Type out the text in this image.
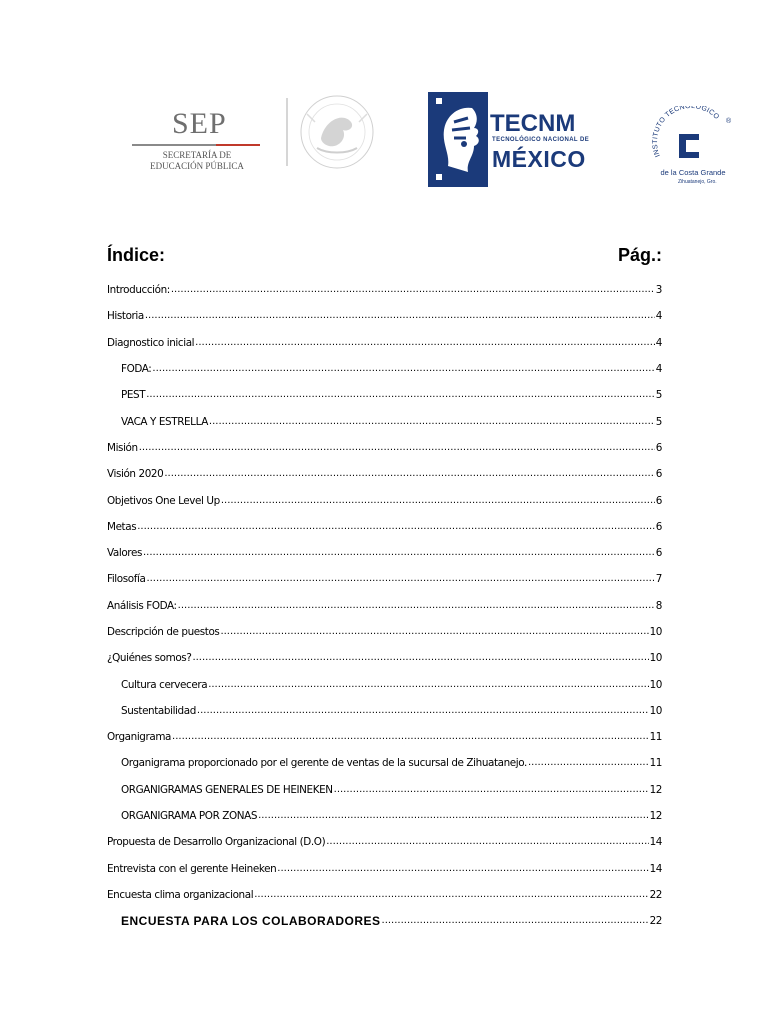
SEP
SECRETARÍA DE
EDUCACIÓN PÚBLICA
TECNM
TECNOLÓGICO NACIONAL DE
MÉXICO	INSTITUTO TECNOLÓGICO
®
de la Costa Grande
Zihuatanejo, Gro.
Índice:	Pág.:
Introducción: .....	3
Historia .....	4
Diagnostico inicial .....	4
FODA: .....	4
PEST .....	5
VACA Y ESTRELLA .....	5
Misión .....	6
Visión 2020 .....	6
Objetivos One Level Up .....	6
Metas .....	6
Valores .....	6
Filosofía .....	7
Análisis FODA: .....	8
Descripción de puestos .....	10
¿Quiénes somos? .....	10
Cultura cervecera .....	10
Sustentabilidad .....	10
Organigrama .....	11
Organigrama proporcionado por el gerente de ventas de la sucursal de Zihuatanejo. .....	11
ORGANIGRAMAS GENERALES DE HEINEKEN .....	12
ORGANIGRAMA POR ZONAS .....	12
Propuesta de Desarrollo Organizacional (D.O) .....	14
Entrevista con el gerente Heineken .....	14
Encuesta clima organizacional .....	22
ENCUESTA PARA LOS COLABORADORES .....	22
